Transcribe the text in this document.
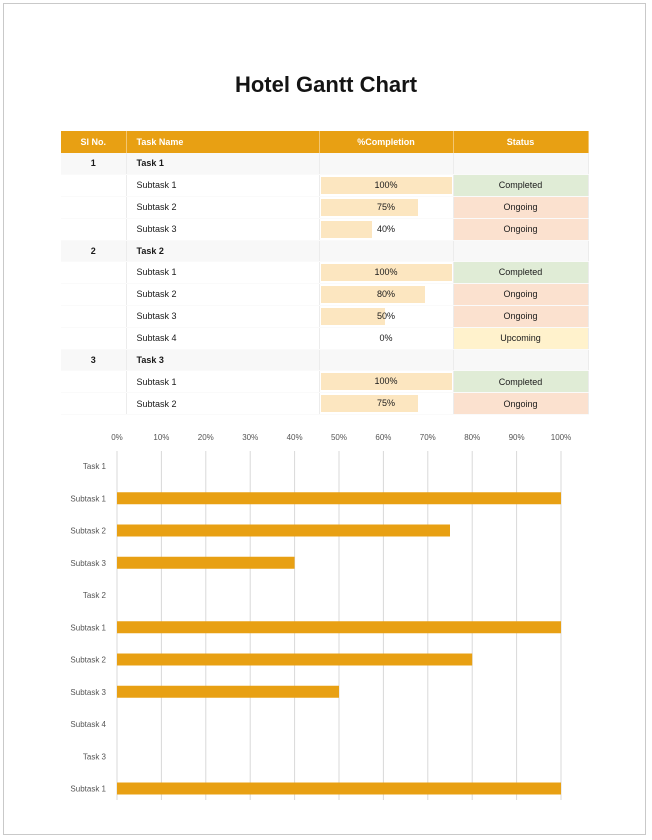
Hotel Gantt Chart
Sl No.	Task Name	%Completion	Status
1	Task 1		
	Subtask 1	100%	Completed
	Subtask 2	75%	Ongoing
	Subtask 3	40%	Ongoing
2	Task 2		
	Subtask 1	100%	Completed
	Subtask 2	80%	Ongoing
	Subtask 3	50%	Ongoing
	Subtask 4	0%	Upcoming
3	Task 3		
	Subtask 1	100%	Completed
	Subtask 2	75%	Ongoing
0%	10%	20%	30%	40%	50%	60%	70%	80%	90%	100%
Task 1
Subtask 1
Subtask 2
Subtask 3
Task 2
Subtask 1
Subtask 2
Subtask 3
Subtask 4
Task 3
Subtask 1
